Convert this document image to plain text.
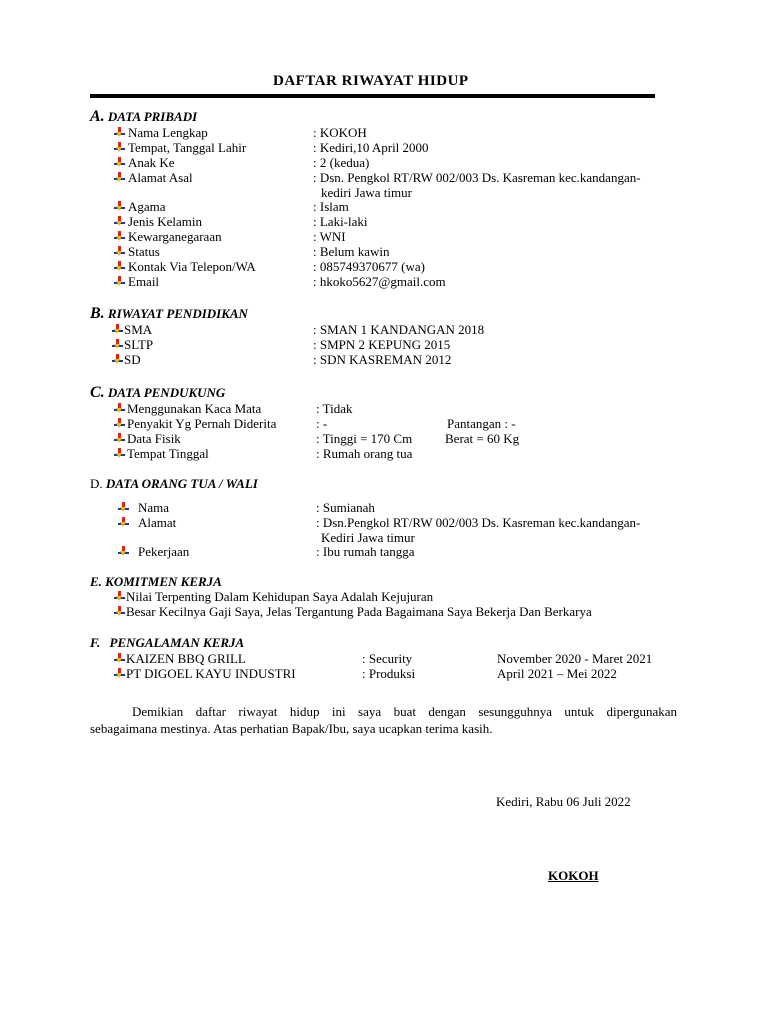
DAFTAR RIWAYAT HIDUP
A. DATA PRIBADI
Nama Lengkap	: KOKOH
Tempat, Tanggal Lahir	: Kediri,10 April 2000
Anak Ke	: 2 (kedua)
Alamat Asal	: Dsn. Pengkol RT/RW 002/003 Ds. Kasreman kec.kandangan-
kediri Jawa timur
Agama	: Islam
Jenis Kelamin	: Laki-laki
Kewarganegaraan	: WNI
Status	: Belum kawin
Kontak Via Telepon/WA	: 085749370677 (wa)
Email	: hkoko5627@gmail.com
B. RIWAYAT PENDIDIKAN
SMA	: SMAN 1 KANDANGAN 2018
SLTP	: SMPN 2 KEPUNG 2015
SD	: SDN KASREMAN 2012
C. DATA PENDUKUNG
Menggunakan Kaca Mata	: Tidak
Penyakit Yg Pernah Diderita	: -	Pantangan : -
Data Fisik	: Tinggi = 170 Cm	Berat = 60 Kg
Tempat Tinggal	: Rumah orang tua
D. DATA ORANG TUA / WALI
Nama	: Sumianah
Alamat	: Dsn.Pengkol RT/RW 002/003 Ds. Kasreman kec.kandangan-
Kediri Jawa timur
Pekerjaan	: Ibu rumah tangga
E. KOMITMEN KERJA
Nilai Terpenting Dalam Kehidupan Saya Adalah Kejujuran
Besar Kecilnya Gaji Saya, Jelas Tergantung Pada Bagaimana Saya Bekerja Dan Berkarya
F. PENGALAMAN KERJA
KAIZEN BBQ GRILL	: Security	November 2020 - Maret 2021
PT DIGOEL KAYU INDUSTRI	: Produksi	April 2021 – Mei 2022
Demikian daftar riwayat hidup ini saya buat dengan sesungguhnya untuk dipergunakan
sebagaimana mestinya. Atas perhatian Bapak/Ibu, saya ucapkan terima kasih.
Kediri, Rabu 06 Juli 2022
KOKOH
